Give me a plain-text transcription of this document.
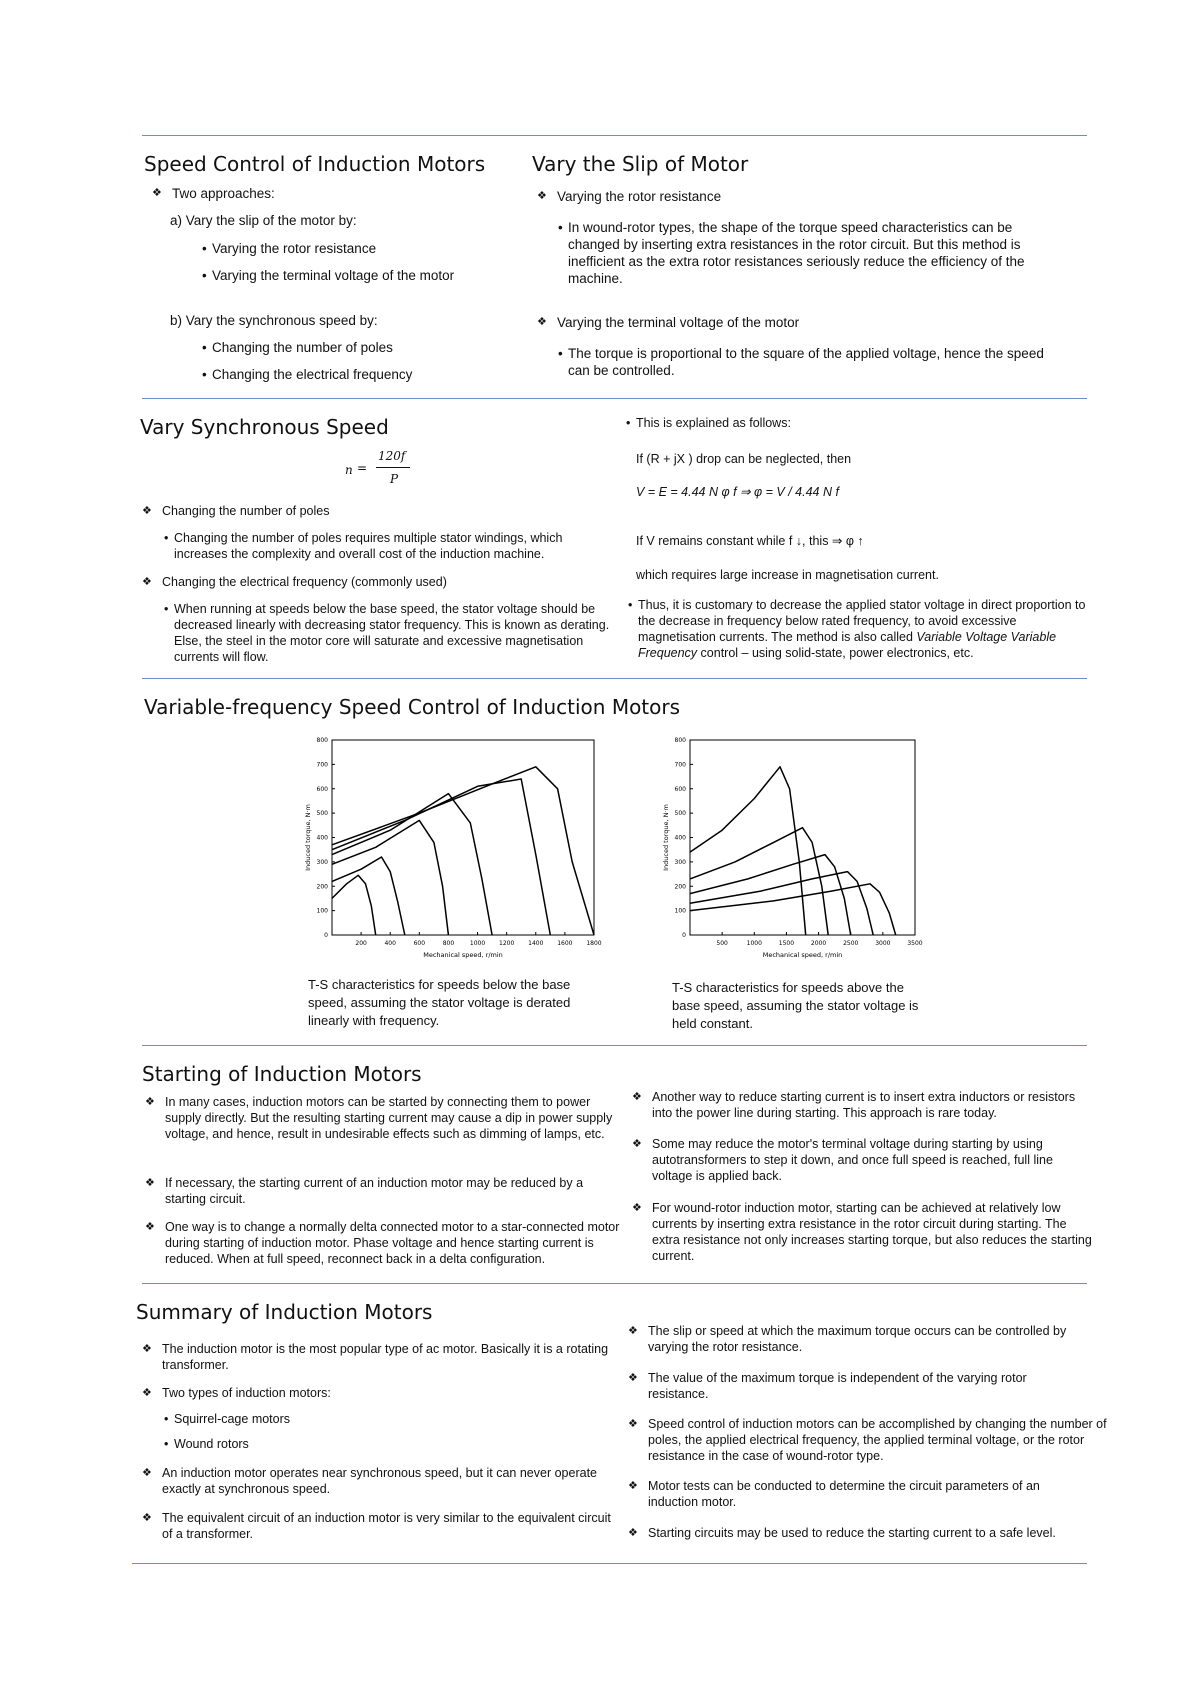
Speed Control of Induction Motors
❖ Two approaches:
a) Vary the slip of the motor by:
• Varying the rotor resistance
• Varying the terminal voltage of the motor
b) Vary the synchronous speed by:
• Changing the number of poles
• Changing the electrical frequency
Vary the Slip of Motor
❖ Varying the rotor resistance
• In wound-rotor types, the shape of the torque speed characteristics can be changed by inserting extra resistances in the rotor circuit. But this method is inefficient as the extra rotor resistances seriously reduce the efficiency of the machine.
❖ Varying the terminal voltage of the motor
• The torque is proportional to the square of the applied voltage, hence the speed can be controlled.
Vary Synchronous Speed
n =
120f
P
❖ Changing the number of poles
• Changing the number of poles requires multiple stator windings, which increases the complexity and overall cost of the induction machine.
❖ Changing the electrical frequency (commonly used)
• When running at speeds below the base speed, the stator voltage should be decreased linearly with decreasing stator frequency. This is known as derating. Else, the steel in the motor core will saturate and excessive magnetisation currents will flow.
• This is explained as follows:
If (R + jX ) drop can be neglected, then
V = E = 4.44 N φ f ⇒ φ = V / 4.44 N f
If V remains constant while f ↓, this ⇒ φ ↑
which requires large increase in magnetisation current.
• Thus, it is customary to decrease the applied stator voltage in direct proportion to the decrease in frequency below rated frequency, to avoid excessive magnetisation currents. The method is also called Variable Voltage Variable Frequency control – using solid-state, power electronics, etc.
Variable-frequency Speed Control of Induction Motors
200	400	600	800	1000 1200 1400 1600 1800
100
200
300
400
500
600
700
800
0
Mechanical speed, r/min
Induced torque, N·m
500	1000	1500	2000	2500	3000	3500
100
200
300
400
500
600
700
800
0
Mechanical speed, r/min
Induced torque, N·m
T-S characteristics for speeds below the base speed, assuming the stator voltage is derated linearly with frequency.
T-S characteristics for speeds above the base speed, assuming the stator voltage is held constant.
Starting of Induction Motors
❖ In many cases, induction motors can be started by connecting them to power supply directly. But the resulting starting current may cause a dip in power supply voltage, and hence, result in undesirable effects such as dimming of lamps, etc.
❖ If necessary, the starting current of an induction motor may be reduced by a starting circuit.
❖ One way is to change a normally delta connected motor to a star-connected motor during starting of induction motor. Phase voltage and hence starting current is reduced. When at full speed, reconnect back in a delta configuration.
❖ Another way to reduce starting current is to insert extra inductors or resistors into the power line during starting. This approach is rare today.
❖ Some may reduce the motor's terminal voltage during starting by using autotransformers to step it down, and once full speed is reached, full line voltage is applied back.
❖ For wound-rotor induction motor, starting can be achieved at relatively low currents by inserting extra resistance in the rotor circuit during starting. The extra resistance not only increases starting torque, but also reduces the starting current.
Summary of Induction Motors
❖ The induction motor is the most popular type of ac motor. Basically it is a rotating transformer.
❖ Two types of induction motors:
• Squirrel-cage motors
• Wound rotors
❖ An induction motor operates near synchronous speed, but it can never operate exactly at synchronous speed.
❖ The equivalent circuit of an induction motor is very similar to the equivalent circuit of a transformer.
❖ The slip or speed at which the maximum torque occurs can be controlled by varying the rotor resistance.
❖ The value of the maximum torque is independent of the varying rotor resistance.
❖ Speed control of induction motors can be accomplished by changing the number of poles, the applied electrical frequency, the applied terminal voltage, or the rotor resistance in the case of wound-rotor type.
❖ Motor tests can be conducted to determine the circuit parameters of an induction motor.
❖ Starting circuits may be used to reduce the starting current to a safe level.
